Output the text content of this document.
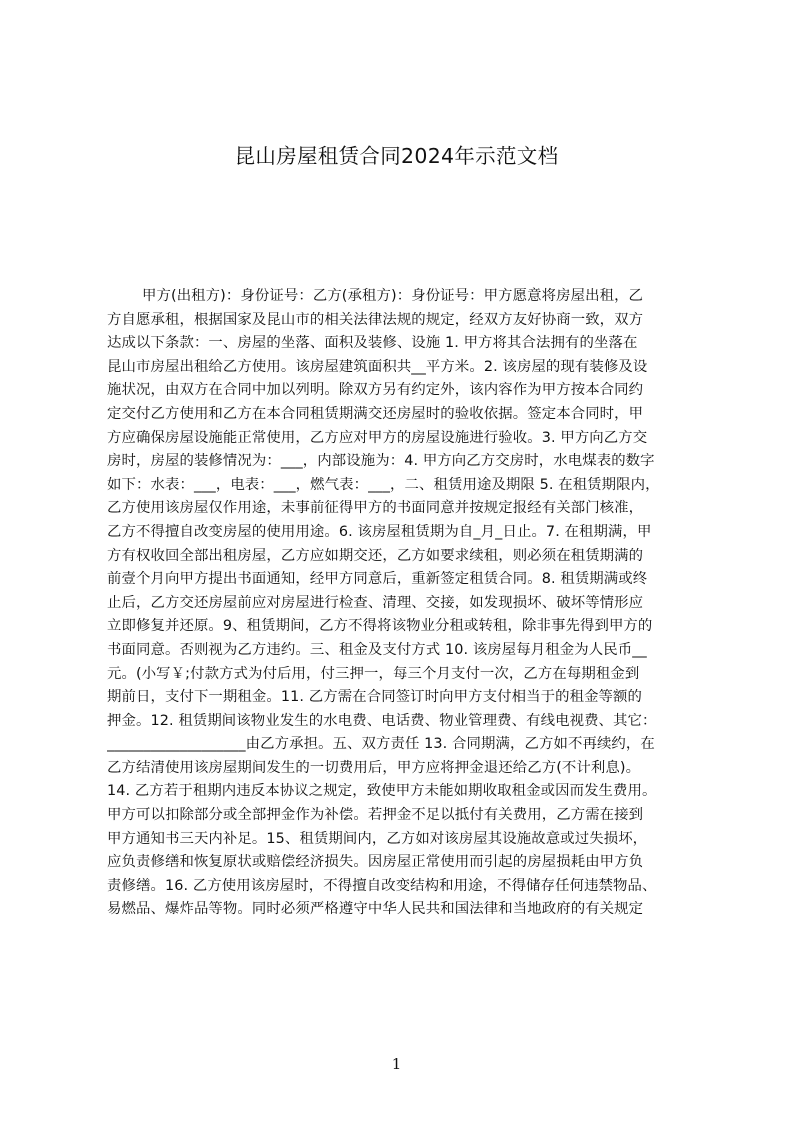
昆山房屋租赁合同2024年示范文档
甲方(出租方)：身份证号：乙方(承租方)：身份证号：甲方愿意将房屋出租，乙
方自愿承租，根据国家及昆山市的相关法律法规的规定，经双方友好协商一致，双方
达成以下条款：一、房屋的坐落、面积及装修、设施 1. 甲方将其合法拥有的坐落在
昆山市房屋出租给乙方使用。该房屋建筑面积共__平方米。2. 该房屋的现有装修及设
施状况，由双方在合同中加以列明。除双方另有约定外，该内容作为甲方按本合同约
定交付乙方使用和乙方在本合同租赁期满交还房屋时的验收依据。签定本合同时，甲
方应确保房屋设施能正常使用，乙方应对甲方的房屋设施进行验收。3. 甲方向乙方交
房时，房屋的装修情况为：___，内部设施为：4. 甲方向乙方交房时，水电煤表的数字
如下：水表：___，电表：___，燃气表：___，二、租赁用途及期限 5. 在租赁期限内，
乙方使用该房屋仅作用途，未事前征得甲方的书面同意并按规定报经有关部门核准，
乙方不得擅自改变房屋的使用用途。6. 该房屋租赁期为自_月_日止。7. 在租期满，甲
方有权收回全部出租房屋，乙方应如期交还，乙方如要求续租，则必须在租赁期满的
前壹个月向甲方提出书面通知，经甲方同意后，重新签定租赁合同。8. 租赁期满或终
止后，乙方交还房屋前应对房屋进行检查、清理、交接，如发现损坏、破坏等情形应
立即修复并还原。9、租赁期间，乙方不得将该物业分租或转租，除非事先得到甲方的
书面同意。否则视为乙方违约。三、租金及支付方式 10. 该房屋每月租金为人民币__
元。(小写￥;付款方式为付后用，付三押一，每三个月支付一次，乙方在每期租金到
期前日，支付下一期租金。11. 乙方需在合同签订时向甲方支付相当于的租金等额的
押金。12. 租赁期间该物业发生的水电费、电话费、物业管理费、有线电视费、其它：
___________________由乙方承担。五、双方责任 13. 合同期满，乙方如不再续约，在
乙方结清使用该房屋期间发生的一切费用后，甲方应将押金退还给乙方(不计利息)。
14. 乙方若于租期内违反本协议之规定，致使甲方未能如期收取租金或因而发生费用。
甲方可以扣除部分或全部押金作为补偿。若押金不足以抵付有关费用，乙方需在接到
甲方通知书三天内补足。15、租赁期间内，乙方如对该房屋其设施故意或过失损坏，
应负责修缮和恢复原状或赔偿经济损失。因房屋正常使用而引起的房屋损耗由甲方负
责修缮。16. 乙方使用该房屋时，不得擅自改变结构和用途，不得储存任何违禁物品、
易燃品、爆炸品等物。同时必须严格遵守中华人民共和国法律和当地政府的有关规定
1
